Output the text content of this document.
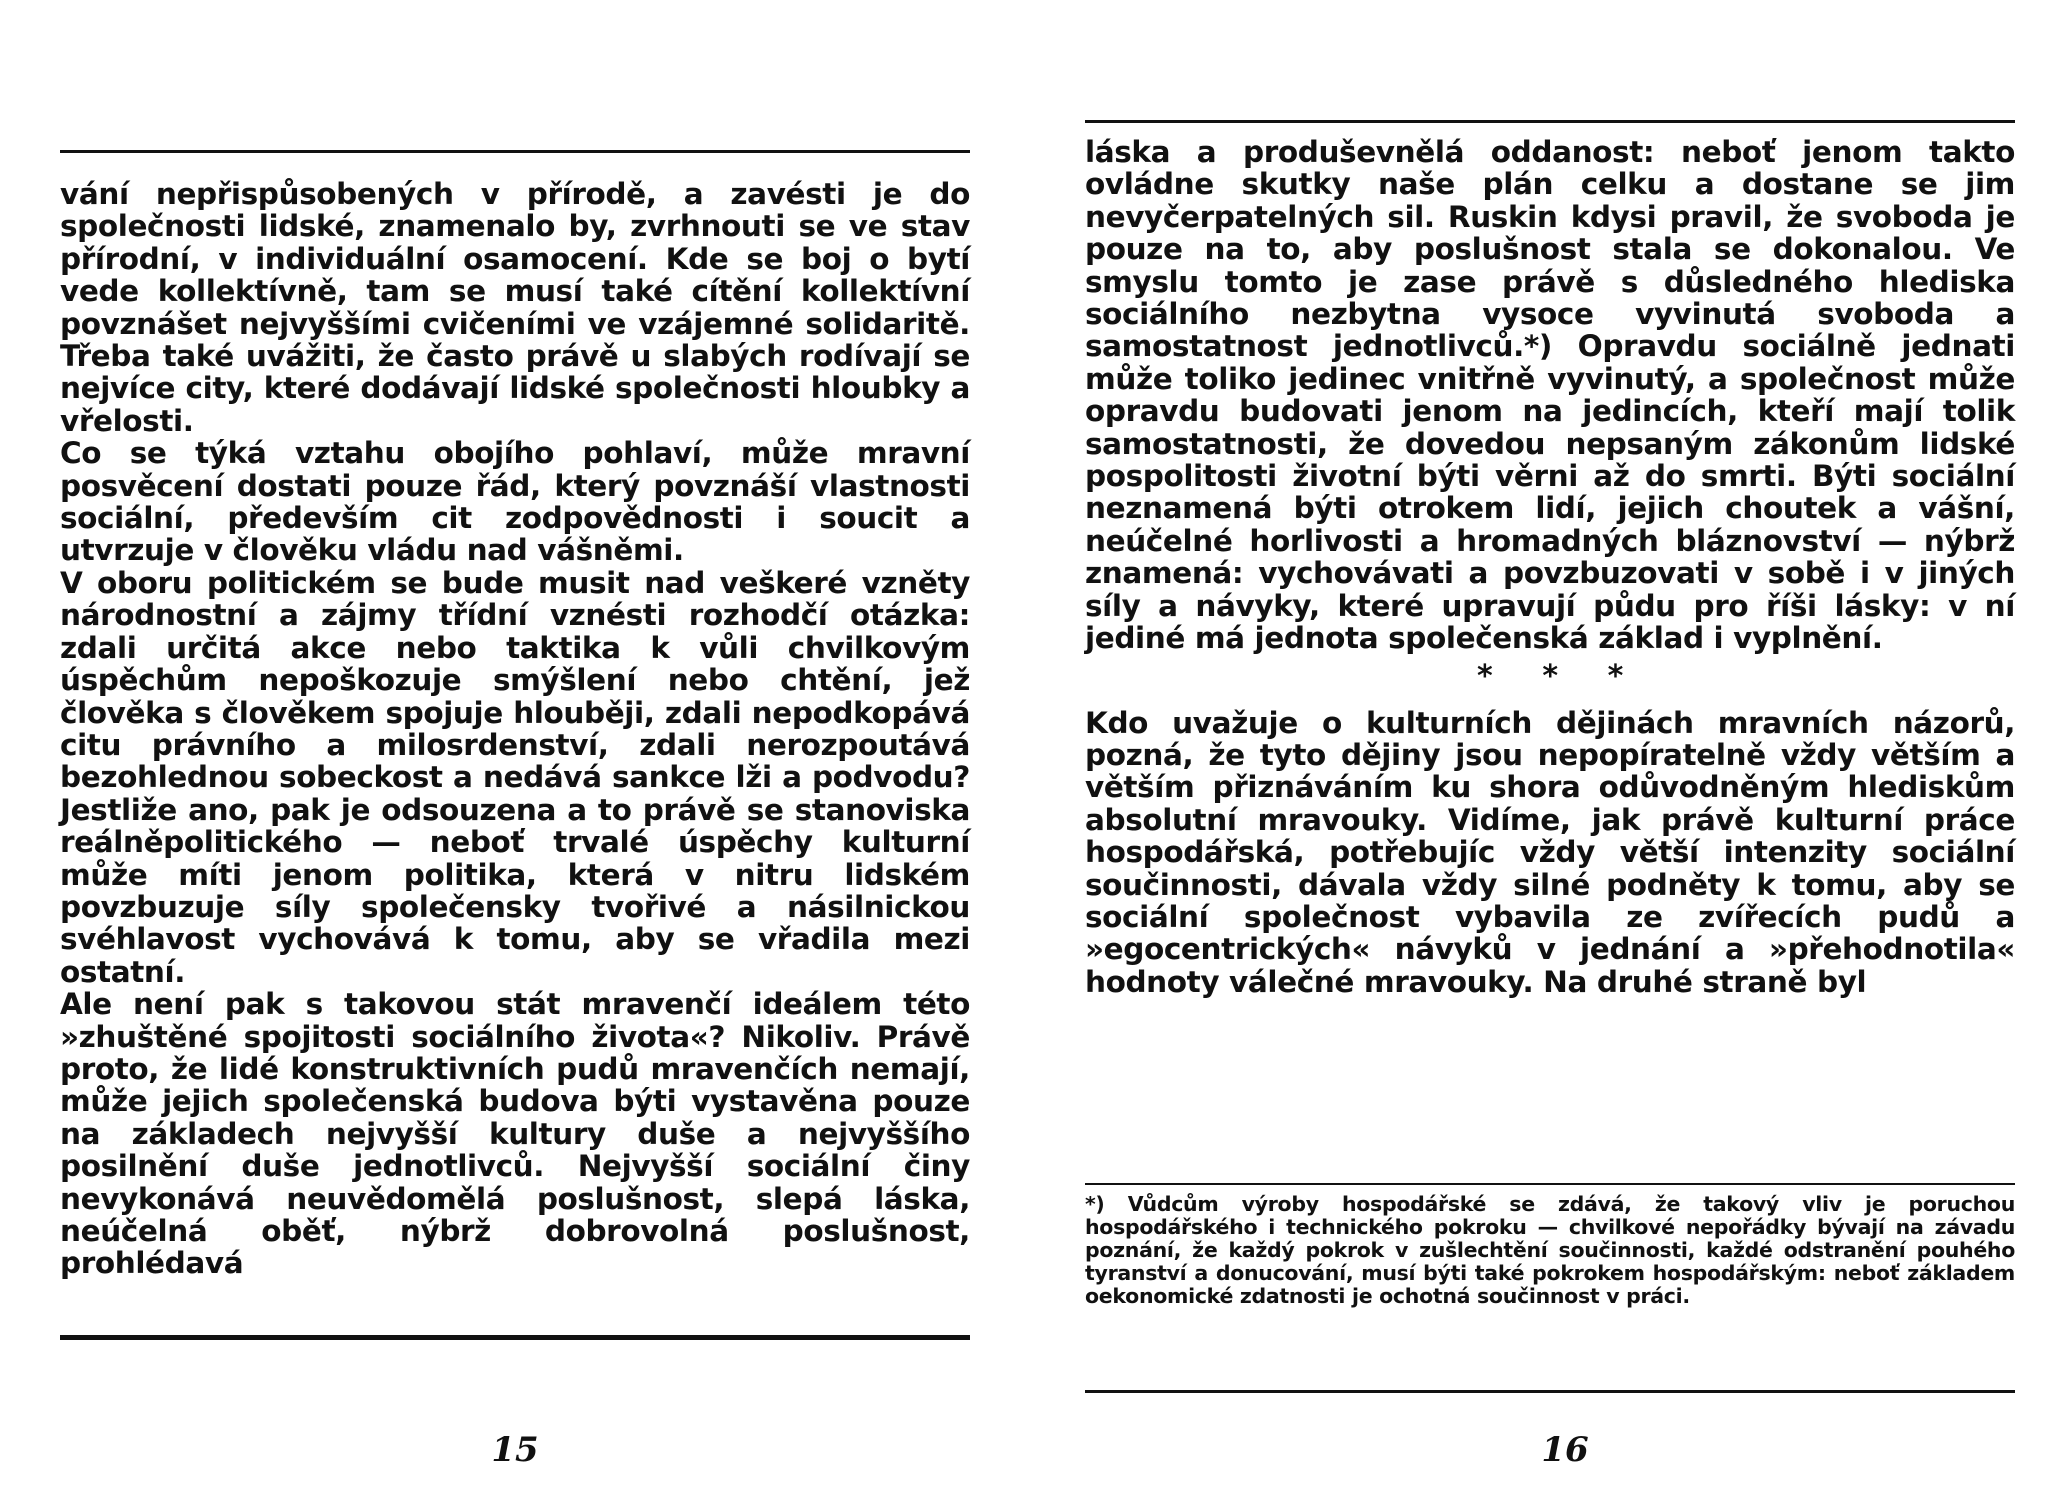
vání nepřispůsobených v přírodě, a zavésti je do společnosti lidské, znamenalo by, zvrhnouti se ve stav přírodní, v individuální osamocení. Kde se boj o bytí vede kollektívně, tam se musí také cítění kollektívní povznášet nejvyššími cvičeními ve vzájemné solidaritě. Třeba také uvážiti, že často právě u slabých rodívají se nejvíce city, které dodávají lidské společnosti hloubky a vřelosti.

Co se týká vztahu obojího pohlaví, může mravní posvěcení dostati pouze řád, který povznáší vlastnosti sociální, především cit zodpovědnosti i soucit a utvrzuje v člověku vládu nad vášněmi.

V oboru politickém se bude musit nad veškeré vzněty národnostní a zájmy třídní vznésti rozhodčí otázka: zdali určitá akce nebo taktika k vůli chvilkovým úspěchům nepoškozuje smýšlení nebo chtění, jež člověka s člověkem spojuje hlouběji, zdali nepodkopává citu právního a milosrdenství, zdali nerozpoutává bezohlednou sobeckost a nedává sankce lži a podvodu? Jestliže ano, pak je odsouzena a to právě se stanoviska reálněpolitického — neboť trvalé úspěchy kulturní může míti jenom politika, která v nitru lidském povzbuzuje síly společensky tvořivé a násilnickou svéhlavost vychovává k tomu, aby se vřadila mezi ostatní.

Ale není pak s takovou stát mravenčí ideálem této »zhuštěné spojitosti sociálního života«? Nikoliv. Právě proto, že lidé konstruktivních pudů mravenčích nemají, může jejich společenská budova býti vystavěna pouze na základech nejvyšší kultury duše a nejvyššího posilnění duše jednotlivců. Nejvyšší sociální činy nevykonává neuvědomělá poslušnost, slepá láska, neúčelná oběť, nýbrž dobrovolná poslušnost, prohlédavá

15

láska a produševnělá oddanost: neboť jenom takto ovládne skutky naše plán celku a dostane se jim nevyčerpatelných sil. Ruskin kdysi pravil, že svoboda je pouze na to, aby poslušnost stala se dokonalou. Ve smyslu tomto je zase právě s důsledného hlediska sociálního nezbytna vysoce vyvinutá svoboda a samostatnost jednotlivců.*) Opravdu sociálně jednati může toliko jedinec vnitřně vyvinutý, a společnost může opravdu budovati jenom na jedincích, kteří mají tolik samostatnosti, že dovedou nepsaným zákonům lidské pospolitosti životní býti věrni až do smrti. Býti sociální neznamená býti otrokem lidí, jejich choutek a vášní, neúčelné horlivosti a hromadných bláznovství — nýbrž znamená: vychovávati a povzbuzovati v sobě i v jiných síly a návyky, které upravují půdu pro říši lásky: v ní jediné má jednota společenská základ i vyplnění.

* * *

Kdo uvažuje o kulturních dějinách mravních názorů, pozná, že tyto dějiny jsou nepopíratelně vždy větším a větším přiznáváním ku shora odůvodněným hlediskům absolutní mravouky. Vidíme, jak právě kulturní práce hospodářská, potřebujíc vždy větší intenzity sociální součinnosti, dávala vždy silné podněty k tomu, aby se sociální společnost vybavila ze zvířecích pudů a »egocentrických« návyků v jednání a »přehodnotila« hodnoty válečné mravouky. Na druhé straně byl

*) Vůdcům výroby hospodářské se zdává, že takový vliv je poruchou hospodářského i technického pokroku — chvilkové nepořádky bývají na závadu poznání, že každý pokrok v zušlechtění součinnosti, každé odstranění pouhého tyranství a donucování, musí býti také pokrokem hospodářským: neboť základem oekonomické zdatnosti je ochotná součinnost v práci.

16
